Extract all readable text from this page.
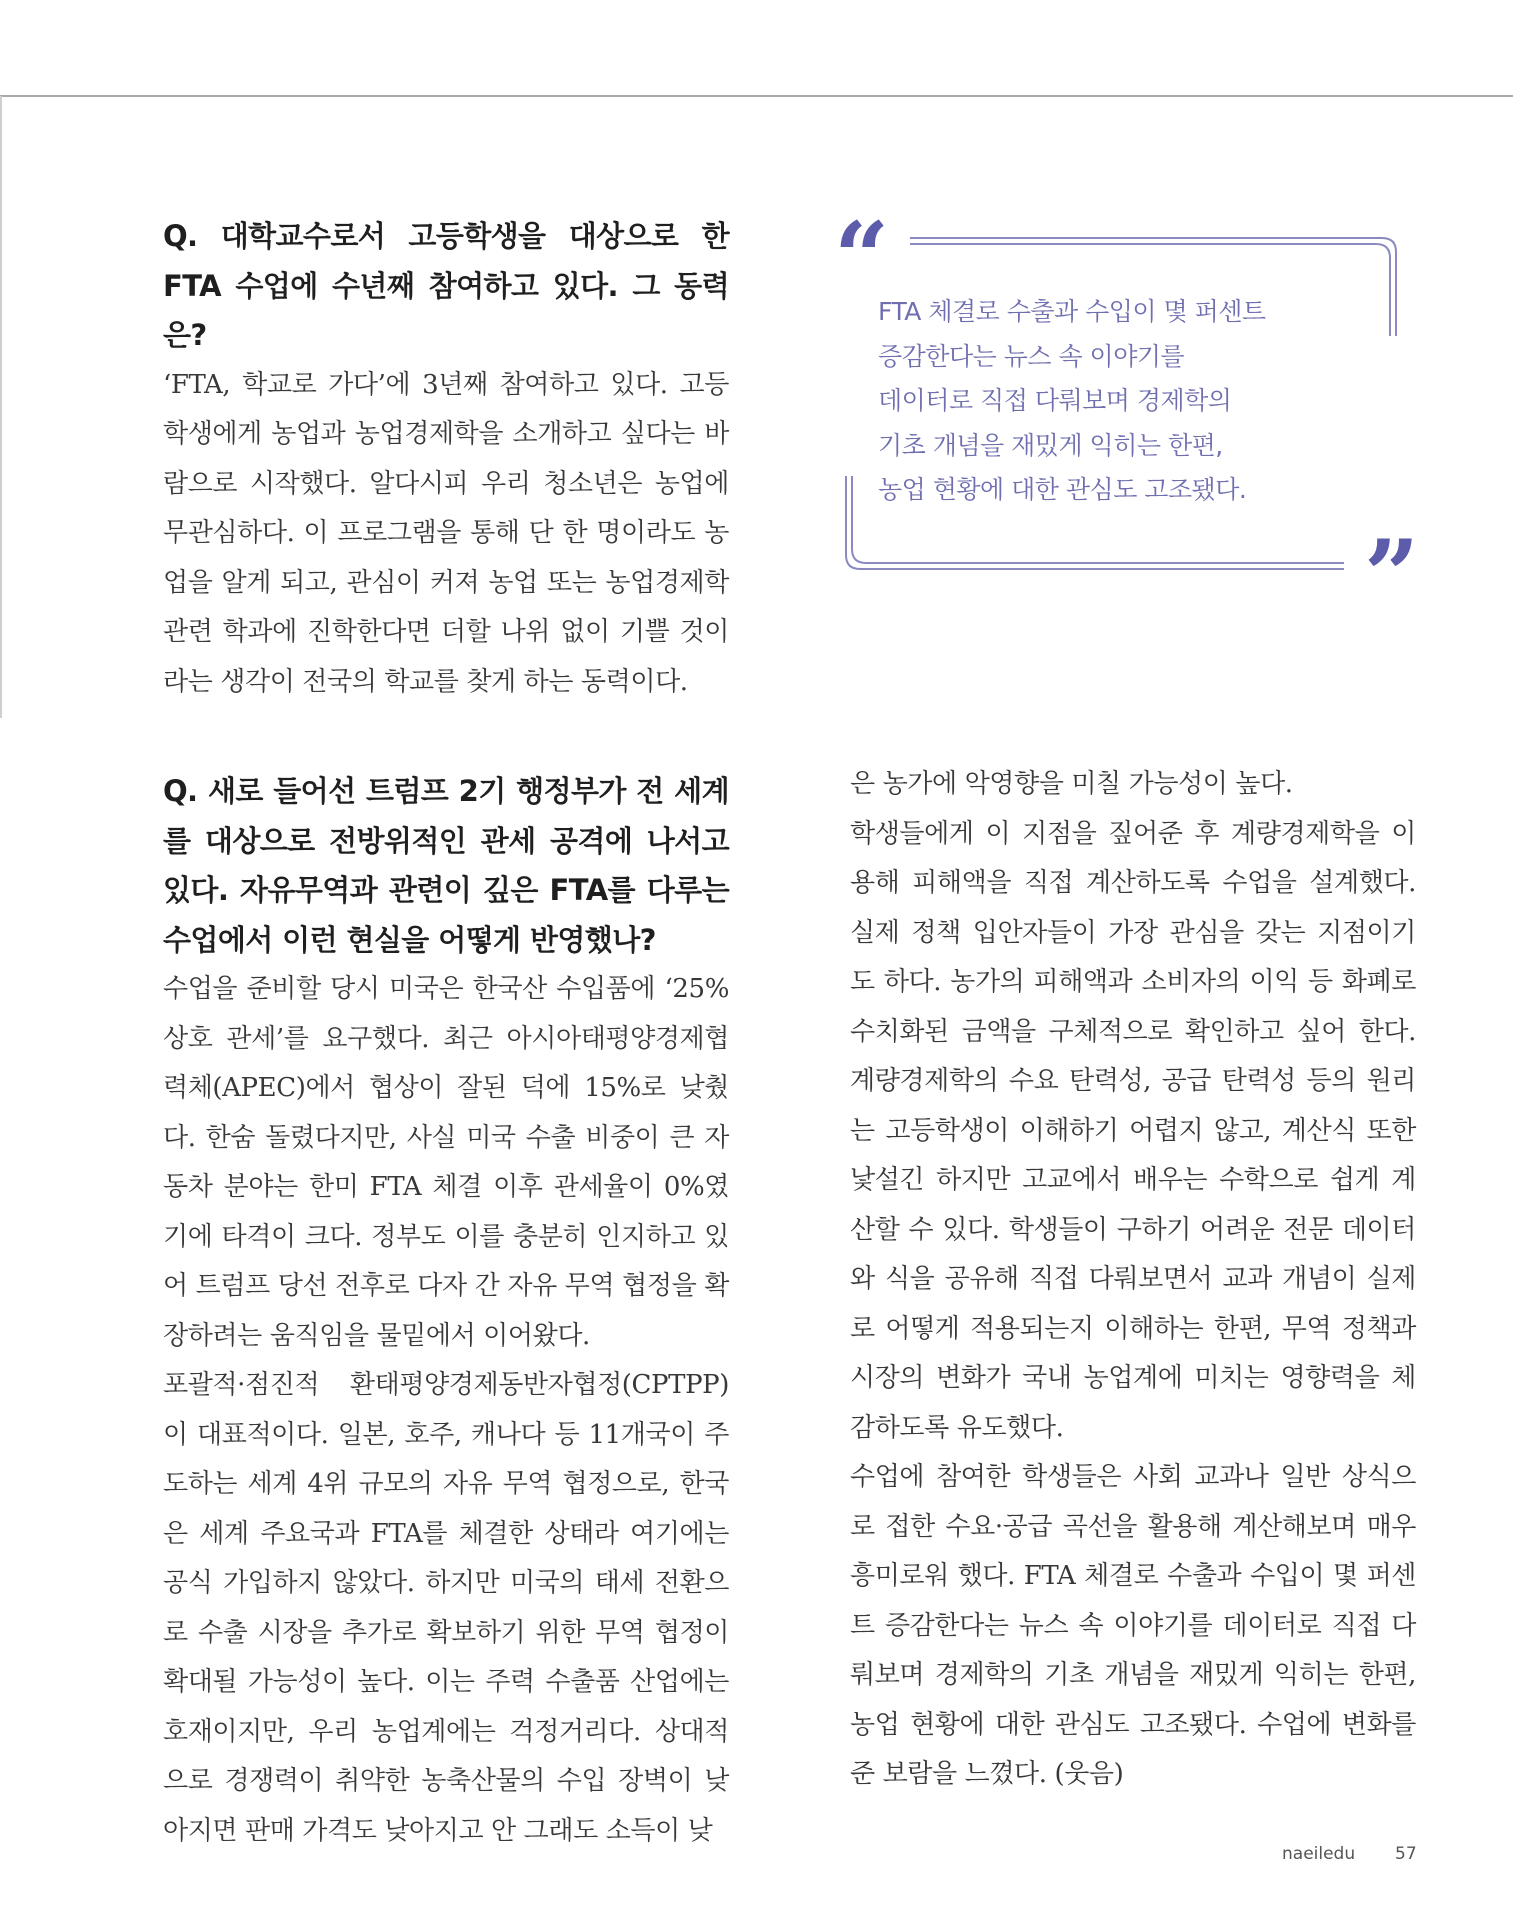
Q. 대학교수로서 고등학생을 대상으로 한 FTA 수업에 수년째 참여하고 있다. 그 동력은?

‘FTA, 학교로 가다’에 3년째 참여하고 있다. 고등학생에게 농업과 농업경제학을 소개하고 싶다는 바람으로 시작했다. 알다시피 우리 청소년은 농업에 무관심하다. 이 프로그램을 통해 단 한 명이라도 농업을 알게 되고, 관심이 커져 농업 또는 농업경제학 관련 학과에 진학한다면 더할 나위 없이 기쁠 것이라는 생각이 전국의 학교를 찾게 하는 동력이다.

Q. 새로 들어선 트럼프 2기 행정부가 전 세계를 대상으로 전방위적인 관세 공격에 나서고 있다. 자유무역과 관련이 깊은 FTA를 다루는 수업에서 이런 현실을 어떻게 반영했나?

수업을 준비할 당시 미국은 한국산 수입품에 ‘25% 상호 관세’를 요구했다. 최근 아시아태평양경제협력체(APEC)에서 협상이 잘된 덕에 15%로 낮췄다. 한숨 돌렸다지만, 사실 미국 수출 비중이 큰 자동차 분야는 한미 FTA 체결 이후 관세율이 0%였기에 타격이 크다. 정부도 이를 충분히 인지하고 있어 트럼프 당선 전후로 다자 간 자유 무역 협정을 확장하려는 움직임을 물밑에서 이어왔다.

포괄적·점진적 환태평양경제동반자협정(CPTPP)이 대표적이다. 일본, 호주, 캐나다 등 11개국이 주도하는 세계 4위 규모의 자유 무역 협정으로, 한국은 세계 주요국과 FTA를 체결한 상태라 여기에는 공식 가입하지 않았다. 하지만 미국의 태세 전환으로 수출 시장을 추가로 확보하기 위한 무역 협정이 확대될 가능성이 높다. 이는 주력 수출품 산업에는 호재이지만, 우리 농업계에는 걱정거리다. 상대적으로 경쟁력이 취약한 농축산물의 수입 장벽이 낮아지면 판매 가격도 낮아지고 안 그래도 소득이 낮

“
FTA 체결로 수출과 수입이 몇 퍼센트
증감한다는 뉴스 속 이야기를
데이터로 직접 다뤄보며 경제학의
기초 개념을 재밌게 익히는 한편,
농업 현황에 대한 관심도 고조됐다.
”

은 농가에 악영향을 미칠 가능성이 높다.

학생들에게 이 지점을 짚어준 후 계량경제학을 이용해 피해액을 직접 계산하도록 수업을 설계했다. 실제 정책 입안자들이 가장 관심을 갖는 지점이기도 하다. 농가의 피해액과 소비자의 이익 등 화폐로 수치화된 금액을 구체적으로 확인하고 싶어 한다. 계량경제학의 수요 탄력성, 공급 탄력성 등의 원리는 고등학생이 이해하기 어렵지 않고, 계산식 또한 낯설긴 하지만 고교에서 배우는 수학으로 쉽게 계산할 수 있다. 학생들이 구하기 어려운 전문 데이터와 식을 공유해 직접 다뤄보면서 교과 개념이 실제로 어떻게 적용되는지 이해하는 한편, 무역 정책과 시장의 변화가 국내 농업계에 미치는 영향력을 체감하도록 유도했다.

수업에 참여한 학생들은 사회 교과나 일반 상식으로 접한 수요·공급 곡선을 활용해 계산해보며 매우 흥미로워 했다. FTA 체결로 수출과 수입이 몇 퍼센트 증감한다는 뉴스 속 이야기를 데이터로 직접 다뤄보며 경제학의 기초 개념을 재밌게 익히는 한편, 농업 현황에 대한 관심도 고조됐다. 수업에 변화를 준 보람을 느꼈다. (웃음)

naeiledu 57
